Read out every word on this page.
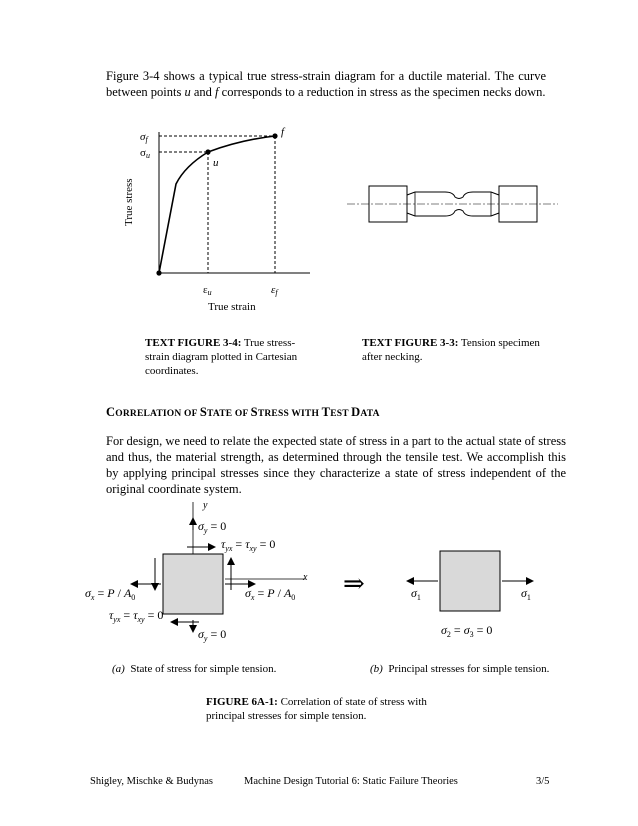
Figure 3-4 shows a typical true stress-strain diagram for a ductile material. The curve between points u and f corresponds to a reduction in stress as the specimen necks down.
σf
σu
u
f
εu	εf
True strain
True stress
TEXT FIGURE 3-4: True stress-strain diagram plotted in Cartesian coordinates.
TEXT FIGURE 3-3: Tension specimen after necking.
CORRELATION OF STATE OF STRESS WITH TEST DATA
For design, we need to relate the expected state of stress in a part to the actual state of stress and thus, the material strength, as determined through the tensile test. We accomplish this by applying principal stresses since they characterize a state of stress independent of the original coordinate system.
y
x
$\sigma_y = 0$
$\tau_{yx} = \tau_{xy} = 0$
$\sigma_x = P / A_0$	$\sigma_x = P / A_0$
$\tau_{yx} = \tau_{xy} = 0$
$\sigma_y = 0$
⇒	$\sigma_1$	$\sigma_1$
$\sigma_2 = \sigma_3 = 0$
(a)  State of stress for simple tension.	(b)  Principal stresses for simple tension.
FIGURE 6A-1: Correlation of state of stress with principal stresses for simple tension.
Shigley, Mischke & Budynas	Machine Design Tutorial 6: Static Failure Theories	3/5
